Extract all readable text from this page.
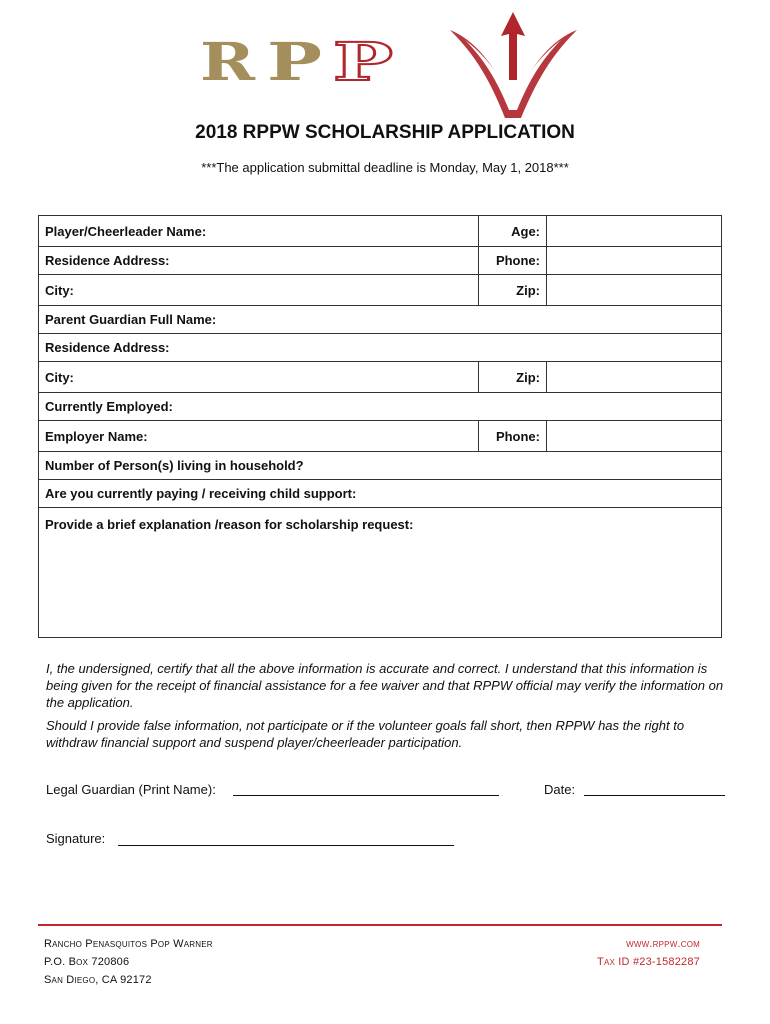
R P P
2018 RPPW SCHOLARSHIP APPLICATION
***The application submittal deadline is Monday, May 1, 2018***
Player/Cheerleader Name:	Age:	
Residence Address:	Phone:	
City:	Zip:	
Parent Guardian Full Name:		
Residence Address:		
City:	Zip:	
Currently Employed:		
Employer Name:	Phone:	
Number of Person(s) living in household?		
Are you currently paying / receiving child support:		
Provide a brief explanation /reason for scholarship request:		
I, the undersigned, certify that all the above information is accurate and correct. I understand that this information is being given for the receipt of financial assistance for a fee waiver and that RPPW official may verify the information on the application.
Should I provide false information, not participate or if the volunteer goals fall short, then RPPW has the right to withdraw financial support and suspend player/cheerleader participation.
Legal Guardian (Print Name):	Date:
Signature:
Rancho Penasquitos Pop Warner
P.O. Box 720806
San Diego, CA 92172
www.rppw.com
Tax ID #23-1582287
